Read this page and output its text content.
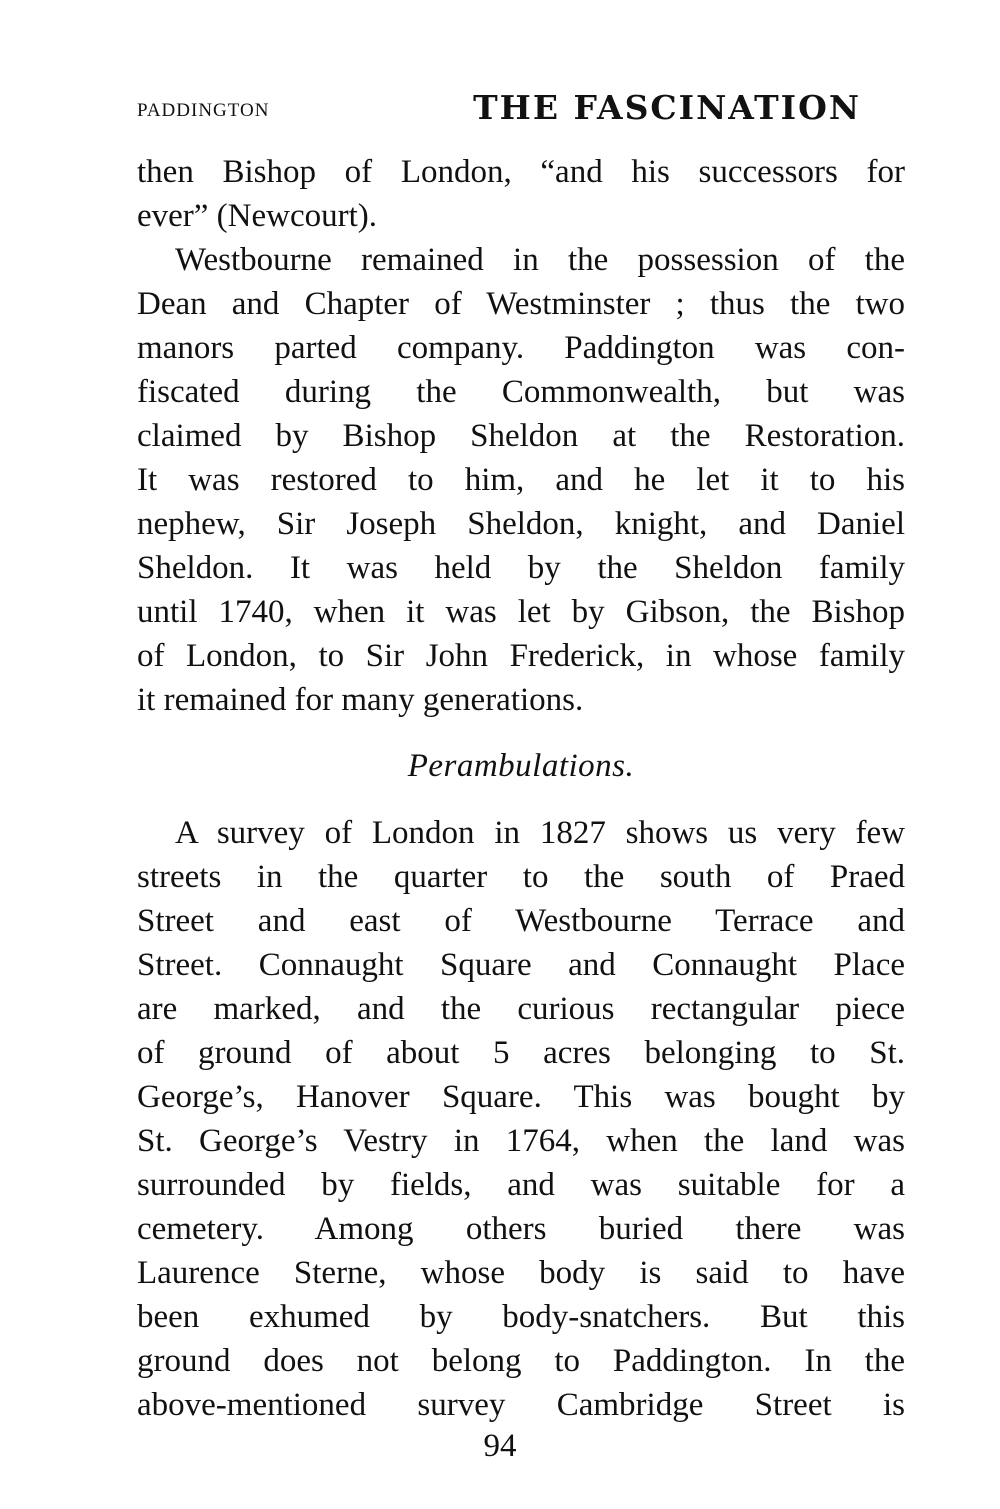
PADDINGTON	THE FASCINATION
then Bishop of London, “and his successors for
ever” (Newcourt).
Westbourne remained in the possession of the
Dean and Chapter of Westminster ; thus the two
manors parted company. Paddington was con-
fiscated during the Commonwealth, but was
claimed by Bishop Sheldon at the Restoration.
It was restored to him, and he let it to his
nephew, Sir Joseph Sheldon, knight, and Daniel
Sheldon. It was held by the Sheldon family
until 1740, when it was let by Gibson, the Bishop
of London, to Sir John Frederick, in whose family
it remained for many generations.
Perambulations.
A survey of London in 1827 shows us very few
streets in the quarter to the south of Praed
Street and east of Westbourne Terrace and
Street. Connaught Square and Connaught Place
are marked, and the curious rectangular piece
of ground of about 5 acres belonging to St.
George’s, Hanover Square. This was bought by
St. George’s Vestry in 1764, when the land was
surrounded by fields, and was suitable for a
cemetery. Among others buried there was
Laurence Sterne, whose body is said to have
been exhumed by body-snatchers. But this
ground does not belong to Paddington. In the
above-mentioned survey Cambridge Street is
94
